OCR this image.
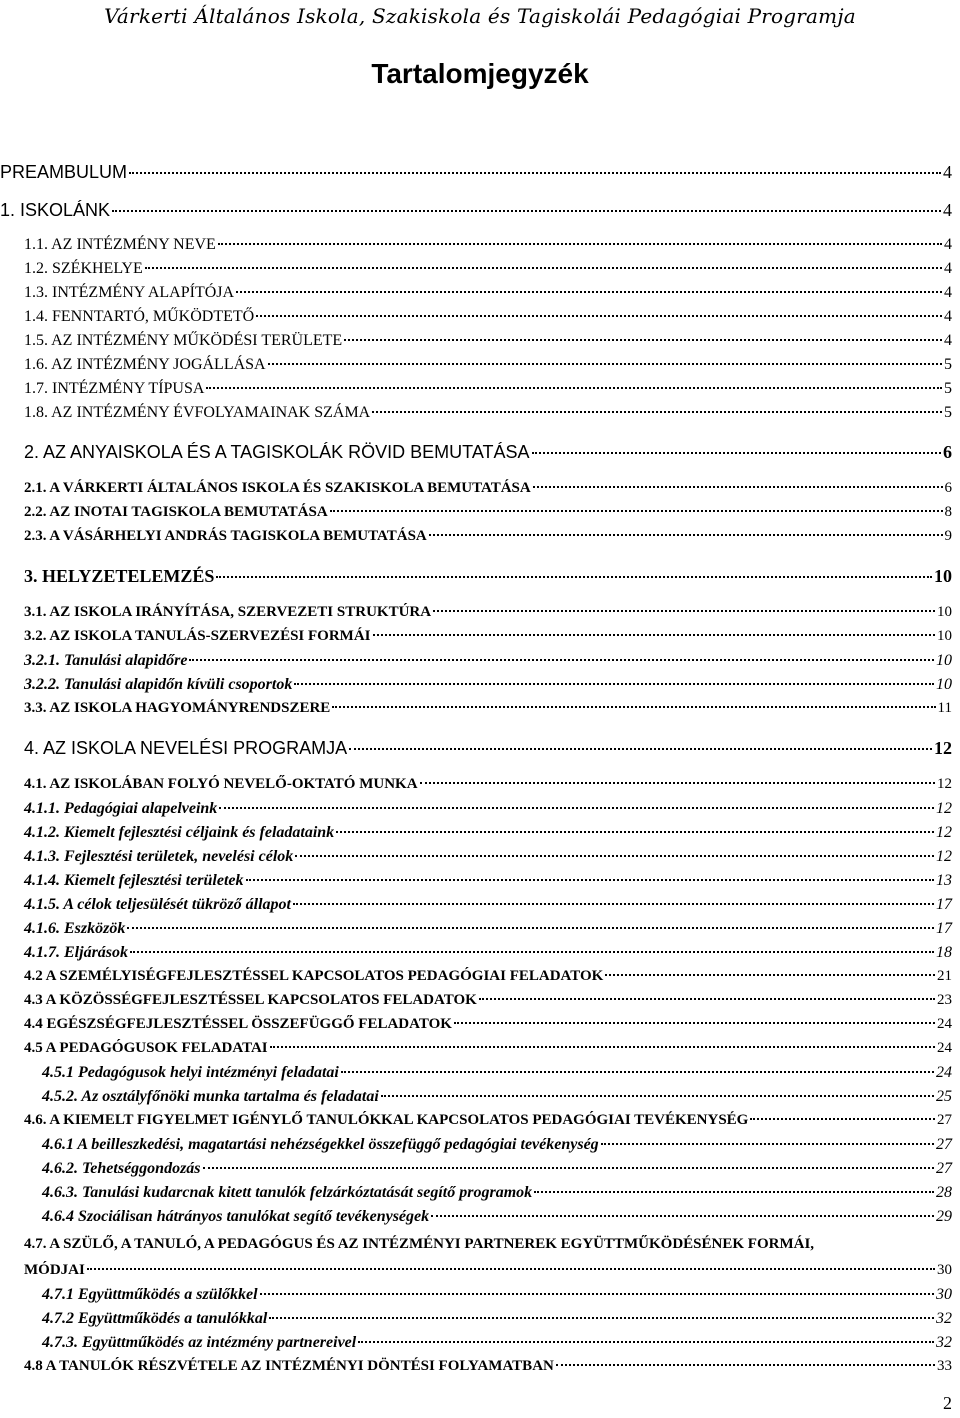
Várkerti Általános Iskola, Szakiskola és Tagiskolái Pedagógiai Programja
Tartalomjegyzék
PREAMBULUM	4
1. ISKOLÁNK	4
1.1. AZ INTÉZMÉNY NEVE	4
1.2. SZÉKHELYE	4
1.3. INTÉZMÉNY ALAPÍTÓJA	4
1.4. FENNTARTÓ, MŰKÖDTETŐ	4
1.5. AZ INTÉZMÉNY MŰKÖDÉSI TERÜLETE	4
1.6. AZ INTÉZMÉNY JOGÁLLÁSA	5
1.7. INTÉZMÉNY TÍPUSA	5
1.8. AZ INTÉZMÉNY ÉVFOLYAMAINAK SZÁMA	5
2. AZ ANYAISKOLA ÉS A TAGISKOLÁK RÖVID BEMUTATÁSA	6
2.1. A VÁRKERTI ÁLTALÁNOS ISKOLA ÉS SZAKISKOLA BEMUTATÁSA	6
2.2. AZ INOTAI TAGISKOLA BEMUTATÁSA	8
2.3. A VÁSÁRHELYI ANDRÁS TAGISKOLA BEMUTATÁSA	9
3. HELYZETELEMZÉS	10
3.1. AZ ISKOLA IRÁNYÍTÁSA, SZERVEZETI STRUKTÚRA	10
3.2. AZ ISKOLA TANULÁS-SZERVEZÉSI FORMÁI	10
3.2.1. Tanulási alapidőre	10
3.2.2. Tanulási alapidőn kívüli csoportok	10
3.3. AZ ISKOLA HAGYOMÁNYRENDSZERE	11
4. AZ ISKOLA NEVELÉSI PROGRAMJA	12
4.1. AZ ISKOLÁBAN FOLYÓ NEVELŐ-OKTATÓ MUNKA	12
4.1.1. Pedagógiai alapelveink	12
4.1.2. Kiemelt fejlesztési céljaink és feladataink	12
4.1.3. Fejlesztési területek, nevelési célok	12
4.1.4. Kiemelt fejlesztési területek	13
4.1.5. A célok teljesülését tükröző állapot	17
4.1.6. Eszközök	17
4.1.7. Eljárások	18
4.2 A SZEMÉLYISÉGFEJLESZTÉSSEL KAPCSOLATOS PEDAGÓGIAI FELADATOK	21
4.3 A KÖZÖSSÉGFEJLESZTÉSSEL KAPCSOLATOS FELADATOK	23
4.4 EGÉSZSÉGFEJLESZTÉSSEL ÖSSZEFÜGGŐ FELADATOK	24
4.5 A PEDAGÓGUSOK FELADATAI	24
4.5.1 Pedagógusok helyi intézményi feladatai	24
4.5.2. Az osztályfőnöki munka tartalma és feladatai	25
4.6. A KIEMELT FIGYELMET IGÉNYLŐ TANULÓKKAL KAPCSOLATOS PEDAGÓGIAI TEVÉKENYSÉG	27
4.6.1 A beilleszkedési, magatartási nehézségekkel összefüggő pedagógiai tevékenység	27
4.6.2. Tehetséggondozás	27
4.6.3. Tanulási kudarcnak kitett tanulók felzárkóztatását segítő programok	28
4.6.4 Szociálisan hátrányos tanulókat segítő tevékenységek	29
4.7. A SZÜLŐ, A TANULÓ, A PEDAGÓGUS ÉS AZ INTÉZMÉNYI PARTNEREK EGYÜTTMŰKÖDÉSÉNEK FORMÁI,
MÓDJAI	30
4.7.1 Együttműködés a szülőkkel	30
4.7.2 Együttműködés a tanulókkal	32
4.7.3. Együttműködés az intézmény partnereivel	32
4.8 A TANULÓK RÉSZVÉTELE AZ INTÉZMÉNYI DÖNTÉSI FOLYAMATBAN	33
2
